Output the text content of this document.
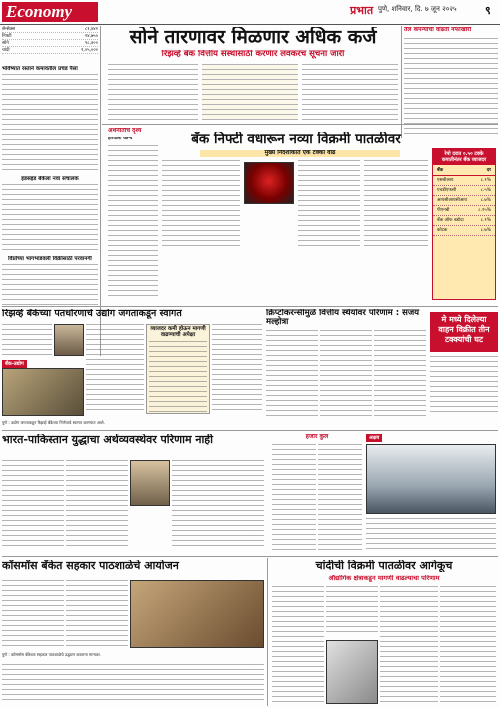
Economy	प्रभात पुणे, शनिवार, दि. ७ जून २०२५	९
सेन्सेक्स	८१,४४२
निफ्टी	२४,७५०
सोने	९८,४००
चांदी	१,०५,०००
सोने तारणावर मिळणार अधिक कर्ज
रिझर्व्ह बँक वित्तीय संस्थांसाठी करणार लवकरच सूचना जारी
तैल कंपन्यांची वाढती नफाखोरी
भविष्यात रस्ताने कमावतील प्रचंड पैसा
इंडसइंड बँकेला नवा संचालक
विप्रोच्या भागभांडवली विक्रीसाठी परवानगी
अर्थनीतीचे दृश्य
हरियाली चैतन्य	बँक निफ्टी वधारून नव्या विक्रमी पातळीवर
मुख्य निर्देशांकात एक टक्का वाढ	रेपो दरात ०.५० टक्के कपातीनंतर बँक व्याजदर
बँक	दर
एसबीआय	८.१%
एचडीएफसी	८.५%
आयसीआयसीआय	८.७%
पीएनबी	८.१५%
बँक ऑफ बडोदा	८.१%
कोटक	८.७%
रिझर्व्ह बँकेच्या पतधोरणाचे उद्योग जगताकडून स्वागत
व्याजदर कमी होऊन मागणी वाढण्याची अपेक्षा
क्रिप्टोकरन्सीमुळे वित्तीय स्थैर्यावर परिणाम : संजय मल्होत्रा	मे मध्ये दिलेल्या वाहन विक्रीत तीन टक्क्यांची घट
बँक-उद्योग
पुणे : उद्योग जगताकडून रिझर्व्ह बँकेच्या निर्णयाचे स्वागत करण्यात आले.
भारत-पाकिस्तान युद्धाचा अर्थव्यवस्थेवर परिणाम नाही	हजार कुल	अक्षय
कॉसमॉस बँकेत सहकार पाठशाळेचे आयोजन
पुणे : कॉसमॉस बँकेच्या सहकार पाठशाळेचे उद्घाटन करताना मान्यवर.
चांदीची विक्रमी पातळीवर आगेकूच
औद्योगिक क्षेत्राकडून मागणी वाढल्याचा परिणाम
